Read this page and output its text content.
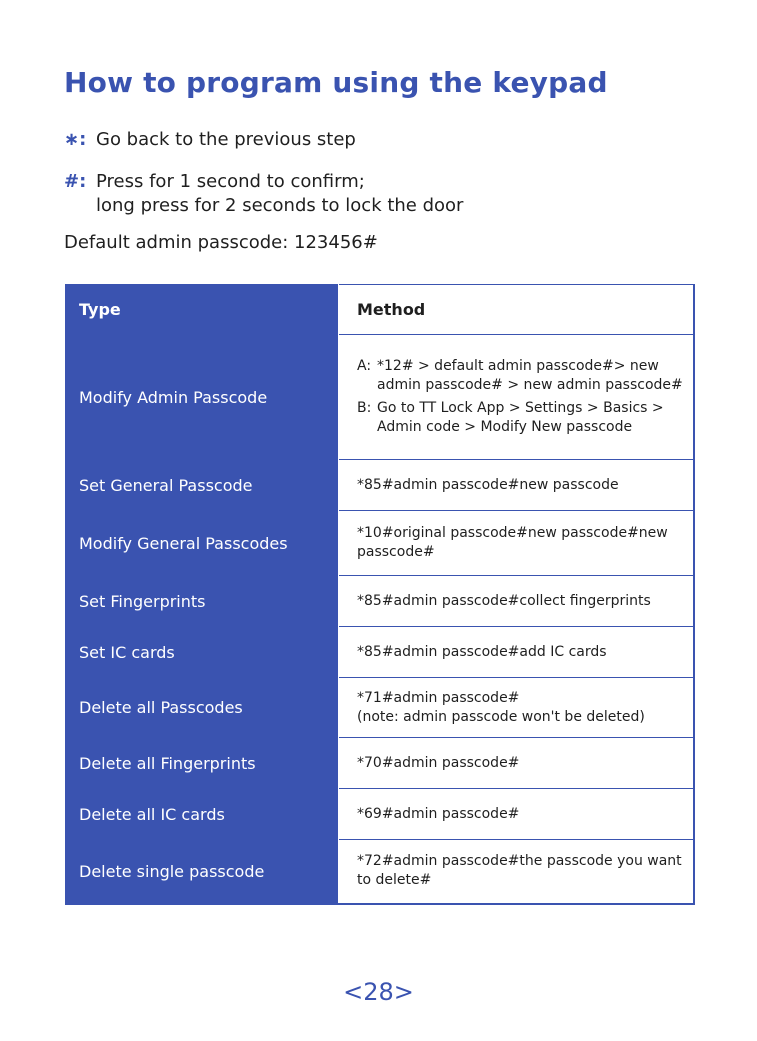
How to program using the keypad
∗: Go back to the previous step
#: Press for 1 second to confirm;
long press for 2 seconds to lock the door
Default admin passcode: 123456#
Type	Method
Modify Admin Passcode	A: *12# > default admin passcode#> new admin passcode# > new admin passcode#
B: Go to TT Lock App > Settings > Basics > Admin code > Modify New passcode

Set General Passcode	*85#admin passcode#new passcode
Modify General Passcodes	*10#original passcode#new passcode#new passcode#
Set Fingerprints	*85#admin passcode#collect fingerprints
Set IC cards	*85#admin passcode#add IC cards
Delete all Passcodes	*71#admin passcode#
(note: admin passcode won't be deleted)

Delete all Fingerprints	*70#admin passcode#
Delete all IC cards	*69#admin passcode#
Delete single passcode	*72#admin passcode#the passcode you want to delete#
<28>
